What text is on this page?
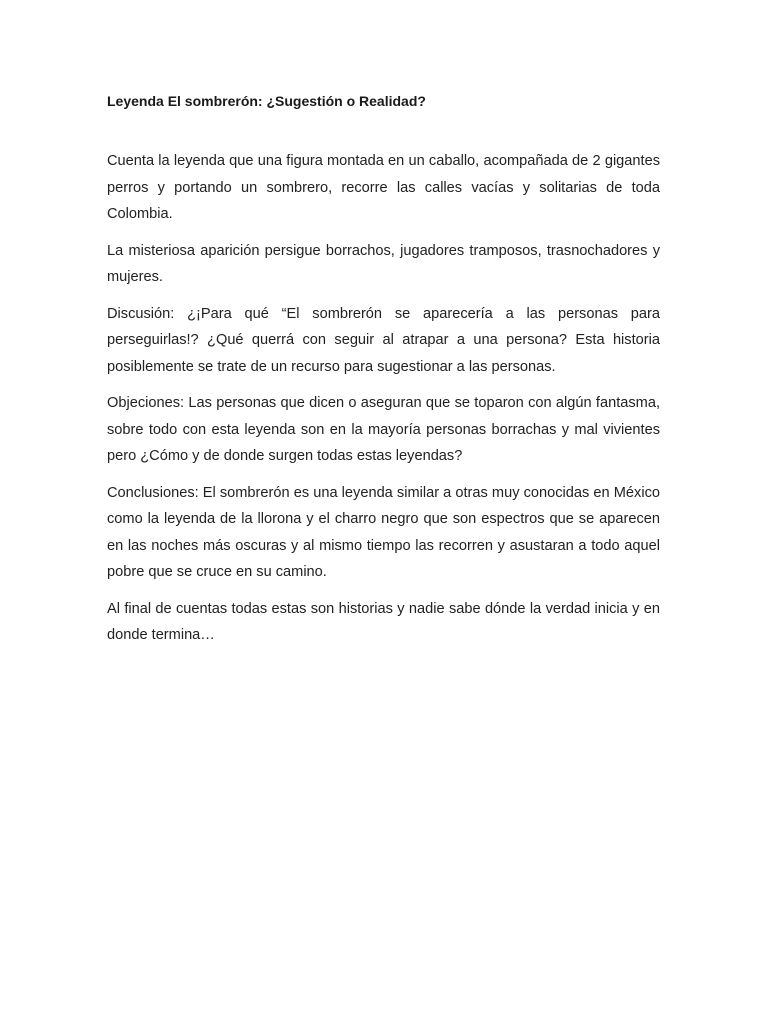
Leyenda El sombrerón: ¿Sugestión o Realidad?

Cuenta la leyenda que una figura montada en un caballo, acompañada de 2 gigantes perros y portando un sombrero, recorre las calles vacías y solitarias de toda Colombia.

La misteriosa aparición persigue borrachos, jugadores tramposos, trasnochadores y mujeres.

Discusión: ¿¡Para qué “El sombrerón se aparecería a las personas para perseguirlas!? ¿Qué querrá con seguir al atrapar a una persona? Esta historia posiblemente se trate de un recurso para sugestionar a las personas.

Objeciones: Las personas que dicen o aseguran que se toparon con algún fantasma, sobre todo con esta leyenda son en la mayoría personas borrachas y mal vivientes pero ¿Cómo y de donde surgen todas estas leyendas?

Conclusiones: El sombrerón es una leyenda similar a otras muy conocidas en México como la leyenda de la llorona y el charro negro que son espectros que se aparecen en las noches más oscuras y al mismo tiempo las recorren y asustaran a todo aquel pobre que se cruce en su camino.

Al final de cuentas todas estas son historias y nadie sabe dónde la verdad inicia y en donde termina…
